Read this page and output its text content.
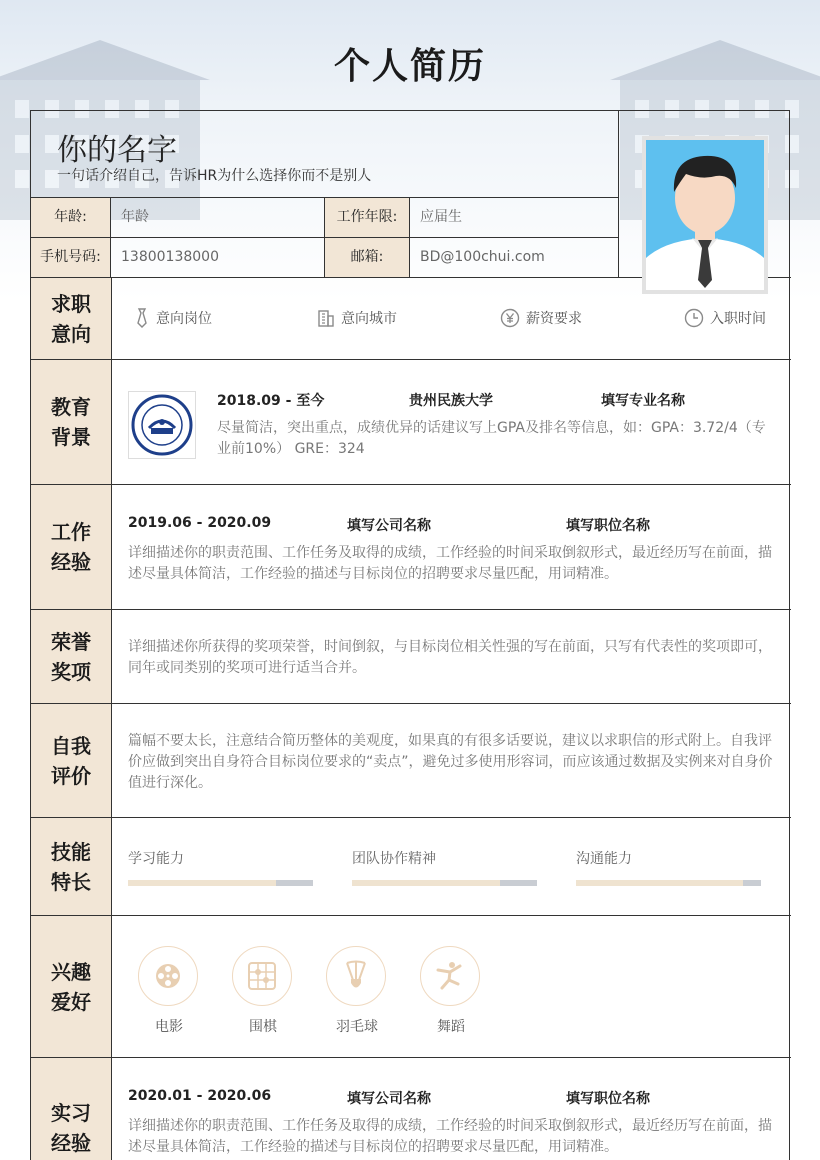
个人简历
你的名字
一句话介绍自己，告诉HR为什么选择你而不是别人
年龄:	年龄	工作年限:	应届生
手机号码:	13800138000	邮箱:	BD@100chui.com
求职意向
意向岗位	意向城市	薪资要求	入职时间
教育背景
2018.09 - 至今	贵州民族大学	填写专业名称
尽量简洁，突出重点，成绩优异的话建议写上GPA及排名等信息，如：GPA：3.72/4（专业前10%） GRE：324
工作经验
2019.06 - 2020.09	填写公司名称	填写职位名称
详细描述你的职责范围、工作任务及取得的成绩，工作经验的时间采取倒叙形式，最近经历写在前面，描述尽量具体简洁，工作经验的描述与目标岗位的招聘要求尽量匹配，用词精准。
荣誉奖项
详细描述你所获得的奖项荣誉，时间倒叙，与目标岗位相关性强的写在前面，只写有代表性的奖项即可，同年或同类别的奖项可进行适当合并。
自我评价
篇幅不要太长，注意结合简历整体的美观度，如果真的有很多话要说，建议以求职信的形式附上。自我评价应做到突出自身符合目标岗位要求的“卖点”，避免过多使用形容词，而应该通过数据及实例来对自身价值进行深化。
技能特长
学习能力	团队协作精神	沟通能力
兴趣爱好
电影	围棋	羽毛球	舞蹈
实习经验
2020.01 - 2020.06	填写公司名称	填写职位名称
详细描述你的职责范围、工作任务及取得的成绩，工作经验的时间采取倒叙形式，最近经历写在前面，描述尽量具体简洁，工作经验的描述与目标岗位的招聘要求尽量匹配，用词精准。
